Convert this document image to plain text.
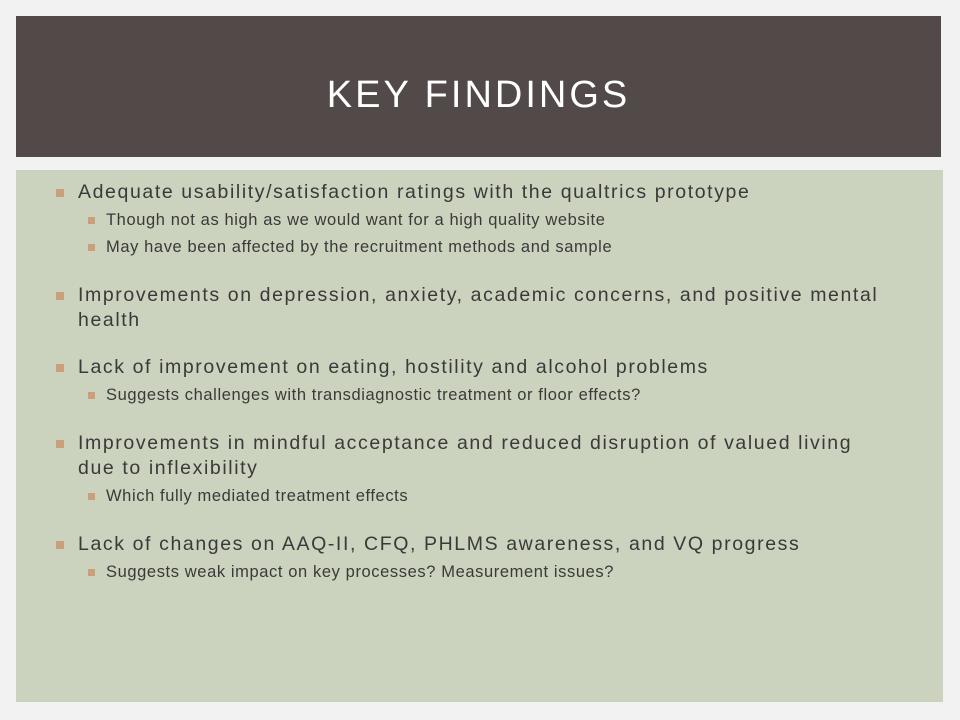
KEY FINDINGS
Adequate usability/satisfaction ratings with the qualtrics prototype
Though not as high as we would want for a high quality website
May have been affected by the recruitment methods and sample
Improvements on depression, anxiety, academic concerns, and positive mental health
Lack of improvement on eating, hostility and alcohol problems
Suggests challenges with transdiagnostic treatment or floor effects?
Improvements in mindful acceptance and reduced disruption of valued living due to inflexibility
Which fully mediated treatment effects
Lack of changes on AAQ-II, CFQ, PHLMS awareness, and VQ progress
Suggests weak impact on key processes? Measurement issues?
